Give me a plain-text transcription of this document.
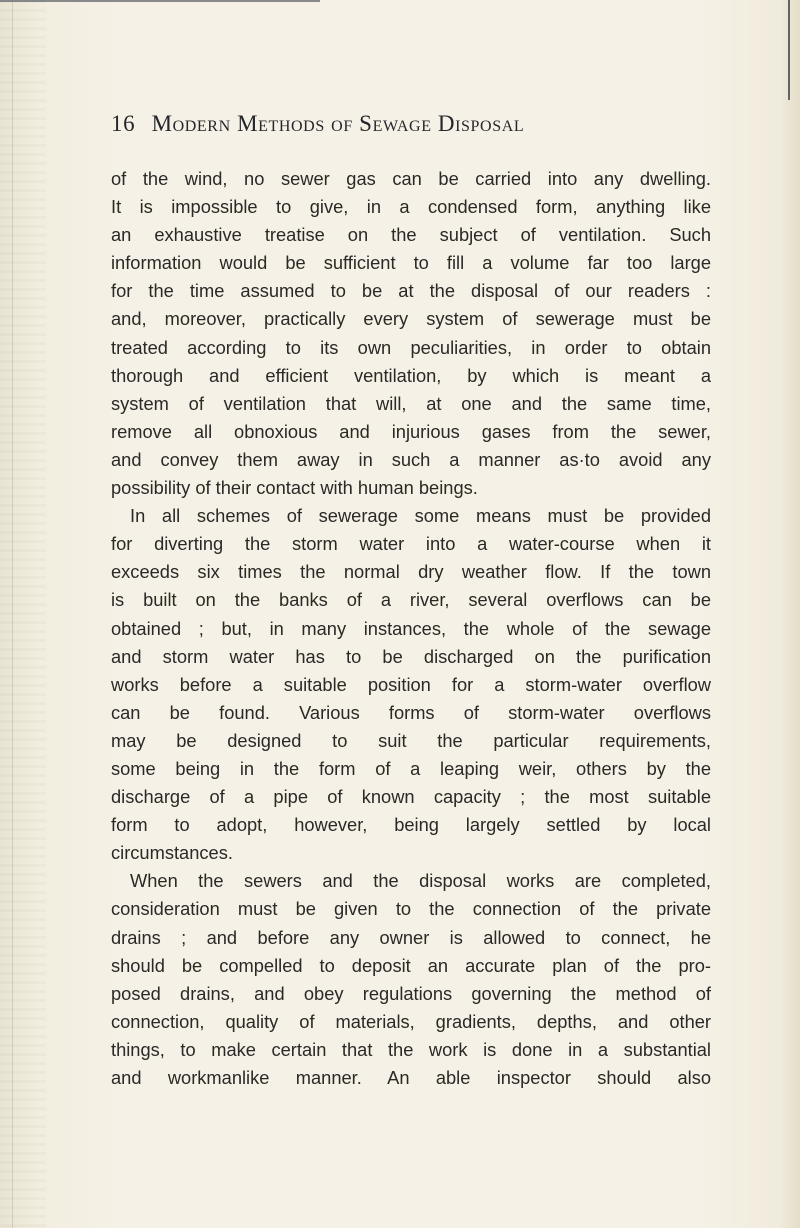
16 Modern Methods of Sewage Disposal
of the wind, no sewer gas can be carried into any dwelling.
It is impossible to give, in a condensed form, anything like
an exhaustive treatise on the subject of ventilation. Such
information would be sufficient to fill a volume far too large
for the time assumed to be at the disposal of our readers :
and, moreover, practically every system of sewerage must be
treated according to its own peculiarities, in order to obtain
thorough and efficient ventilation, by which is meant a
system of ventilation that will, at one and the same time,
remove all obnoxious and injurious gases from the sewer,
and convey them away in such a manner as·to avoid any
possibility of their contact with human beings.
In all schemes of sewerage some means must be provided
for diverting the storm water into a water-course when it
exceeds six times the normal dry weather flow. If the town
is built on the banks of a river, several overflows can be
obtained ; but, in many instances, the whole of the sewage
and storm water has to be discharged on the purification
works before a suitable position for a storm-water overflow
can be found. Various forms of storm-water overflows
may be designed to suit the particular requirements,
some being in the form of a leaping weir, others by the
discharge of a pipe of known capacity ; the most suitable
form to adopt, however, being largely settled by local
circumstances.
When the sewers and the disposal works are completed,
consideration must be given to the connection of the private
drains ; and before any owner is allowed to connect, he
should be compelled to deposit an accurate plan of the pro-
posed drains, and obey regulations governing the method of
connection, quality of materials, gradients, depths, and other
things, to make certain that the work is done in a substantial
and workmanlike manner. An able inspector should also
